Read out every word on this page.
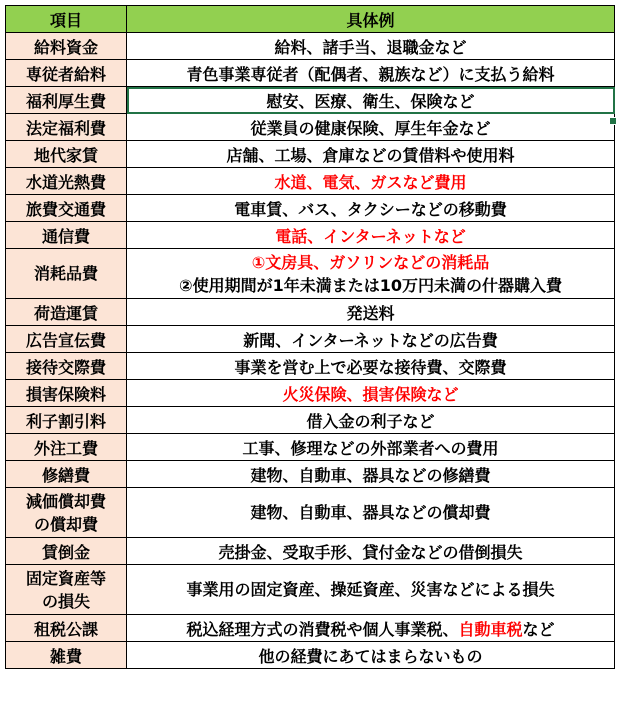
項目	具体例
給料資金	給料、諸手当、退職金など
専従者給料	青色事業専従者（配偶者、親族など）に支払う給料
福利厚生費	慰安、医療、衛生、保険など
法定福利費	従業員の健康保険、厚生年金など
地代家賃	店舗、工場、倉庫などの賃借料や使用料
水道光熱費	水道、電気、ガスなど費用
旅費交通費	電車賃、バス、タクシーなどの移動費
通信費	電話、インターネットなど
消耗品費	①文房具、ガソリンなどの消耗品
②使用期間が1年未満または10万円未満の什器購入費

荷造運賃	発送料
広告宣伝費	新聞、インターネットなどの広告費
接待交際費	事業を営む上で必要な接待費、交際費
損害保険料	火災保険、損害保険など
利子割引料	借入金の利子など
外注工費	工事、修理などの外部業者への費用
修繕費	建物、自動車、器具などの修繕費

減価償却費
の償却費	建物、自動車、器具などの償却費
賃倒金	売掛金、受取手形、貸付金などの借倒損失

固定資産等
の損失	事業用の固定資産、操延資産、災害などによる損失
租税公課	税込経理方式の消費税や個人事業税、自動車税など
雑費	他の経費にあてはまらないもの
